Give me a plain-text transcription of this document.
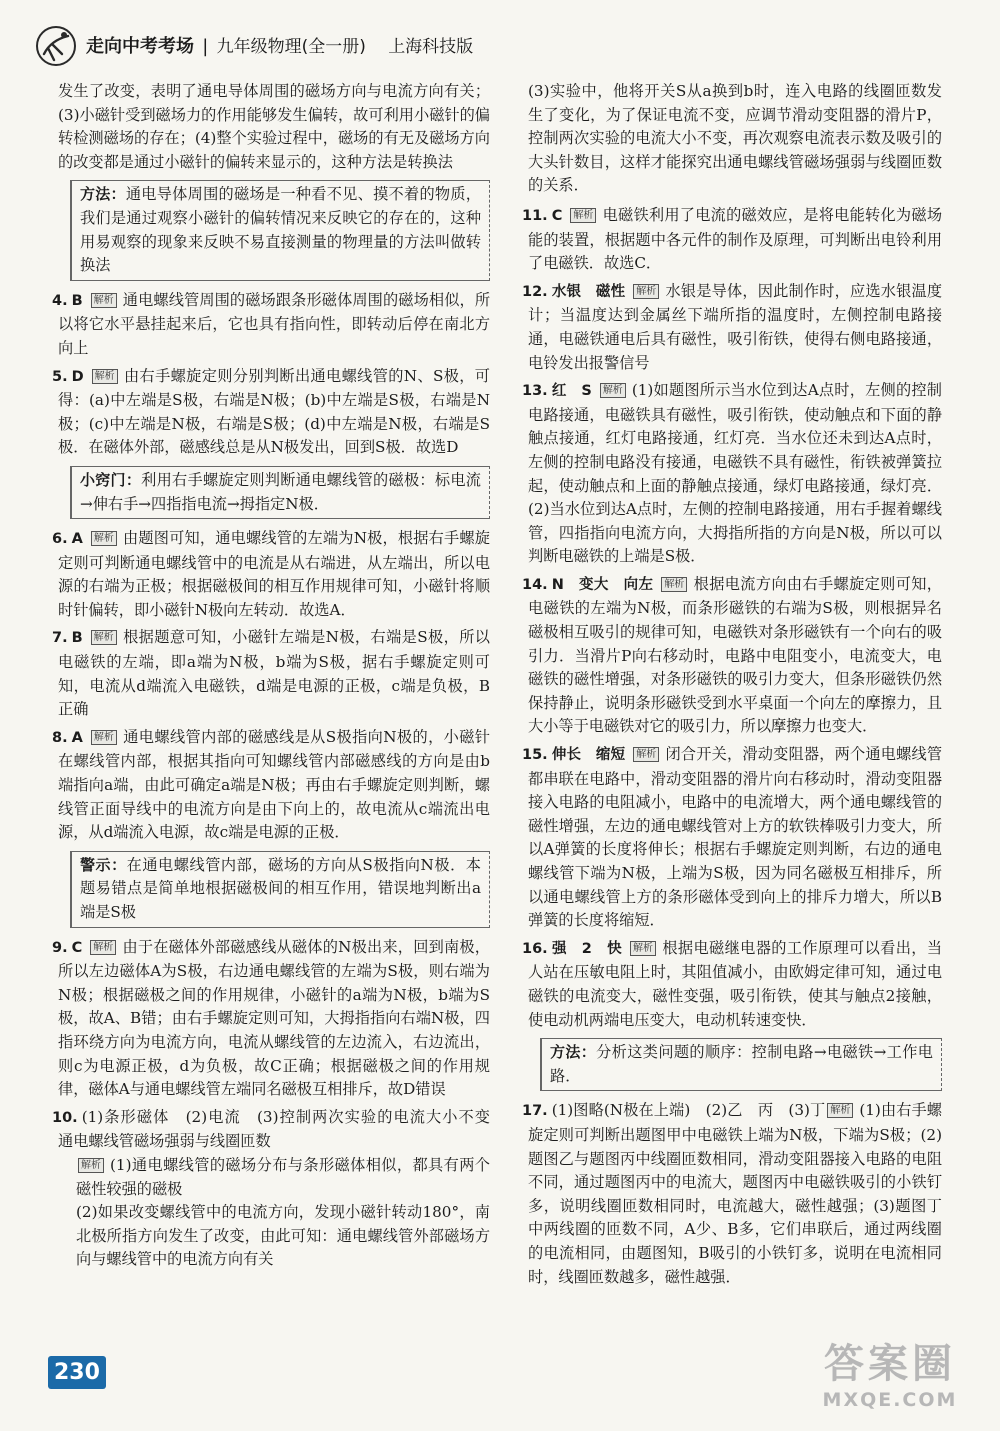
走向中考考场 | 九年级物理(全一册) 上海科技版

发生了改变，表明了通电导体周围的磁场方向与电流方向有关；(3)小磁针受到磁场力的作用能够发生偏转，故可利用小磁针的偏转检测磁场的存在；(4)整个实验过程中，磁场的有无及磁场方向的改变都是通过小磁针的偏转来显示的，这种方法是转换法

方法：通电导体周围的磁场是一种看不见、摸不着的物质，我们是通过观察小磁针的偏转情况来反映它的存在的，这种用易观察的现象来反映不易直接测量的物理量的方法叫做转换法
4. B 解析 通电螺线管周围的磁场跟条形磁体周围的磁场相似，所以将它水平悬挂起来后，它也具有指向性，即转动后停在南北方向上
5. D 解析 由右手螺旋定则分别判断出通电螺线管的N、S极，可得：(a)中左端是S极，右端是N极；(b)中左端是S极，右端是N极；(c)中左端是N极，右端是S极；(d)中左端是N极，右端是S极．在磁体外部，磁感线总是从N极发出，回到S极．故选D
小窍门：利用右手螺旋定则判断通电螺线管的磁极：标电流→伸右手→四指指电流→拇指定N极．
6. A 解析 由题图可知，通电螺线管的左端为N极，根据右手螺旋定则可判断通电螺线管中的电流是从右端进，从左端出，所以电源的右端为正极；根据磁极间的相互作用规律可知，小磁针将顺时针偏转，即小磁针N极向左转动．故选A．
7. B 解析 根据题意可知，小磁针左端是N极，右端是S极，所以电磁铁的左端，即a端为N极，b端为S极，据右手螺旋定则可知，电流从d端流入电磁铁，d端是电源的正极，c端是负极，B正确
8. A 解析 通电螺线管内部的磁感线是从S极指向N极的，小磁针在螺线管内部，根据其指向可知螺线管内部磁感线的方向是由b端指向a端，由此可确定a端是N极；再由右手螺旋定则判断，螺线管正面导线中的电流方向是由下向上的，故电流从c端流出电源，从d端流入电源，故c端是电源的正极．
警示：在通电螺线管内部，磁场的方向从S极指向N极．本题易错点是简单地根据磁极间的相互作用，错误地判断出a端是S极
9. C 解析 由于在磁体外部磁感线从磁体的N极出来，回到南极，所以左边磁体A为S极，右边通电螺线管的左端为S极，则右端为N极；根据磁极之间的作用规律，小磁针的a端为N极，b端为S极，故A、B错；由右手螺旋定则可知，大拇指指向右端N极，四指环绕方向为电流方向，电流从螺线管的左边流入，右边流出，则c为电源正极，d为负极，故C正确；根据磁极之间的作用规律，磁体A与通电螺线管左端同名磁极互相排斥，故D错误
10. (1)条形磁体　(2)电流　(3)控制两次实验的电流大小不变　通电螺线管磁场强弱与线圈匝数
解析 (1)通电螺线管的磁场分布与条形磁体相似，都具有两个磁性较强的磁极
(2)如果改变螺线管中的电流方向，发现小磁针转动180°，南北极所指方向发生了改变，由此可知：通电螺线管外部磁场方向与螺线管中的电流方向有关

(3)实验中，他将开关S从a换到b时，连入电路的线圈匝数发生了变化，为了保证电流不变，应调节滑动变阻器的滑片P，控制两次实验的电流大小不变，再次观察电流表示数及吸引的大头针数目，这样才能探究出通电螺线管磁场强弱与线圈匝数的关系．

11. C 解析 电磁铁利用了电流的磁效应，是将电能转化为磁场能的装置，根据题中各元件的制作及原理，可判断出电铃利用了电磁铁．故选C．
12. 水银　磁性 解析 水银是导体，因此制作时，应选水银温度计；当温度达到金属丝下端所指的温度时，左侧控制电路接通，电磁铁通电后具有磁性，吸引衔铁，使得右侧电路接通，电铃发出报警信号
13. 红　S 解析 (1)如题图所示当水位到达A点时，左侧的控制电路接通，电磁铁具有磁性，吸引衔铁，使动触点和下面的静触点接通，红灯电路接通，红灯亮．当水位还未到达A点时，左侧的控制电路没有接通，电磁铁不具有磁性，衔铁被弹簧拉起，使动触点和上面的静触点接通，绿灯电路接通，绿灯亮．(2)当水位到达A点时，左侧的控制电路接通，用右手握着螺线管，四指指向电流方向，大拇指所指的方向是N极，所以可以判断电磁铁的上端是S极．
14. N　变大　向左 解析 根据电流方向由右手螺旋定则可知，电磁铁的左端为N极，而条形磁铁的右端为S极，则根据异名磁极相互吸引的规律可知，电磁铁对条形磁铁有一个向右的吸引力．当滑片P向右移动时，电路中电阻变小，电流变大，电磁铁的磁性增强，对条形磁铁的吸引力变大，但条形磁铁仍然保持静止，说明条形磁铁受到水平桌面一个向左的摩擦力，且大小等于电磁铁对它的吸引力，所以摩擦力也变大．
15. 伸长　缩短 解析 闭合开关，滑动变阻器，两个通电螺线管都串联在电路中，滑动变阻器的滑片向右移动时，滑动变阻器接入电路的电阻减小，电路中的电流增大，两个通电螺线管的磁性增强，左边的通电螺线管对上方的软铁棒吸引力变大，所以A弹簧的长度将伸长；根据右手螺旋定则判断，右边的通电螺线管下端为N极，上端为S极，因为同名磁极互相排斥，所以通电螺线管上方的条形磁体受到向上的排斥力增大，所以B弹簧的长度将缩短．
16. 强　2　快 解析 根据电磁继电器的工作原理可以看出，当人站在压敏电阻上时，其阻值减小，由欧姆定律可知，通过电磁铁的电流变大，磁性变强，吸引衔铁，使其与触点2接触，使电动机两端电压变大，电动机转速变快．
方法：分析这类问题的顺序：控制电路→电磁铁→工作电路．
17. (1)图略(N极在上端)　(2)乙　丙　(3)丁 解析 (1)由右手螺旋定则可判断出题图甲中电磁铁上端为N极，下端为S极；(2)题图乙与题图丙中线圈匝数相同，滑动变阻器接入电路的电阻不同，通过题图丙中的电流大，题图丙中电磁铁吸引的小铁钉多，说明线圈匝数相同时，电流越大，磁性越强；(3)题图丁中两线圈的匝数不同，A少、B多，它们串联后，通过两线圈的电流相同，由题图知，B吸引的小铁钉多，说明在电流相同时，线圈匝数越多，磁性越强．
230	答案圈
MXQE.COM
